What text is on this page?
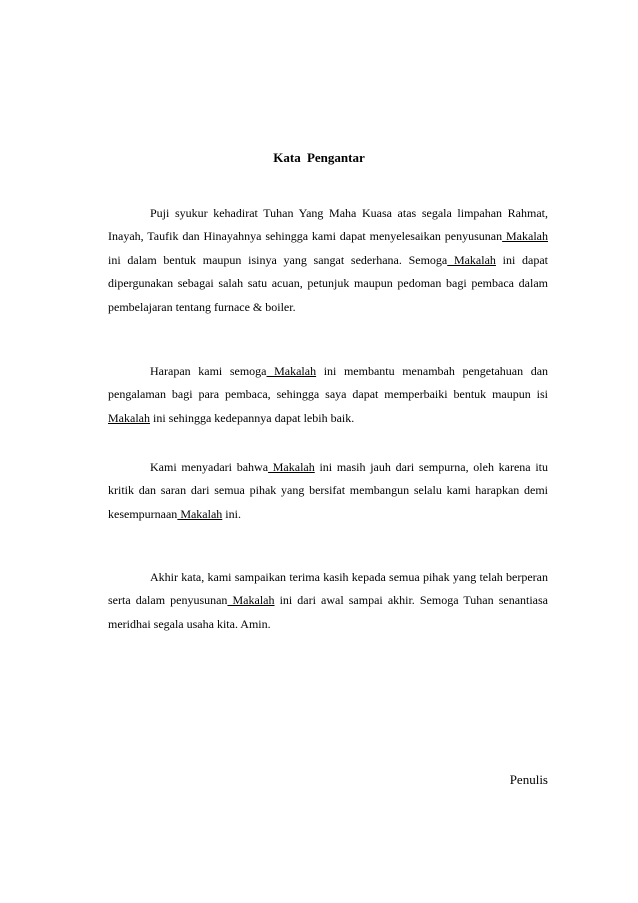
Kata Pengantar

Puji syukur kehadirat Tuhan Yang Maha Kuasa atas segala limpahan Rahmat, Inayah, Taufik dan Hinayahnya sehingga kami dapat menyelesaikan penyusunan Makalah ini dalam bentuk maupun isinya yang sangat sederhana. Semoga Makalah ini dapat dipergunakan sebagai salah satu acuan, petunjuk maupun pedoman bagi pembaca dalam pembelajaran tentang furnace & boiler.

Harapan kami semoga Makalah ini membantu menambah pengetahuan dan pengalaman bagi para pembaca, sehingga saya dapat memperbaiki bentuk maupun isi Makalah ini sehingga kedepannya dapat lebih baik.

Kami menyadari bahwa Makalah ini masih jauh dari sempurna, oleh karena itu kritik dan saran dari semua pihak yang bersifat membangun selalu kami harapkan demi kesempurnaan Makalah ini.

Akhir kata, kami sampaikan terima kasih kepada semua pihak yang telah berperan serta dalam penyusunan Makalah ini dari awal sampai akhir. Semoga Tuhan senantiasa meridhai segala usaha kita. Amin.

Penulis
